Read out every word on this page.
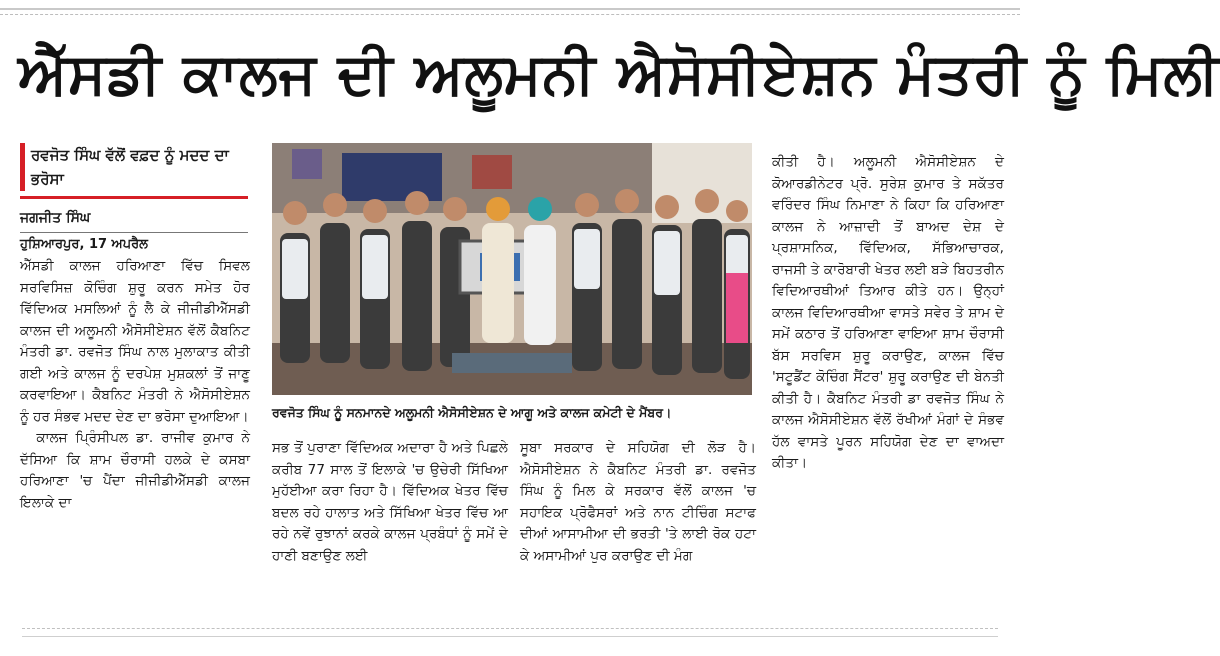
ਐੱਸਡੀ ਕਾਲਜ ਦੀ ਅਲੂਮਨੀ ਐਸੋਸੀਏਸ਼ਨ ਮੰਤਰੀ ਨੂੰ ਮਿਲੀ
ਰਵਜੋਤ ਸਿੰਘ ਵੱਲੋਂ ਵਫ਼ਦ ਨੂੰ ਮਦਦ ਦਾ ਭਰੋਸਾ
ਜਗਜੀਤ ਸਿੰਘ
ਹੁਸ਼ਿਆਰਪੁਰ, 17 ਅਪਰੈਲ

ਐੱਸਡੀ ਕਾਲਜ ਹਰਿਆਣਾ ਵਿੱਚ ਸਿਵਲ ਸਰਵਿਸਿਜ਼ ਕੋਚਿੰਗ ਸ਼ੁਰੂ ਕਰਨ ਸਮੇਤ ਹੋਰ ਵਿੱਦਿਅਕ ਮਸਲਿਆਂ ਨੂੰ ਲੈ ਕੇ ਜੀਜੀਡੀਐੱਸਡੀ ਕਾਲਜ ਦੀ ਅਲੂਮਨੀ ਐਸੋਸੀਏਸ਼ਨ ਵੱਲੋਂ ਕੈਬਨਿਟ ਮੰਤਰੀ ਡਾ. ਰਵਜੋਤ ਸਿੰਘ ਨਾਲ ਮੁਲਾਕਾਤ ਕੀਤੀ ਗਈ ਅਤੇ ਕਾਲਜ ਨੂੰ ਦਰਪੇਸ਼ ਮੁਸ਼ਕਲਾਂ ਤੋਂ ਜਾਣੂ ਕਰਵਾਇਆ। ਕੈਬਨਿਟ ਮੰਤਰੀ ਨੇ ਐਸੋਸੀਏਸ਼ਨ ਨੂੰ ਹਰ ਸੰਭਵ ਮਦਦ ਦੇਣ ਦਾ ਭਰੋਸਾ ਦੁਆਇਆ।

ਕਾਲਜ ਪ੍ਰਿੰਸੀਪਲ ਡਾ. ਰਾਜੀਵ ਕੁਮਾਰ ਨੇ ਦੱਸਿਆ ਕਿ ਸ਼ਾਮ ਚੌਰਾਸੀ ਹਲਕੇ ਦੇ ਕਸਬਾ ਹਰਿਆਣਾ 'ਚ ਪੈਂਦਾ ਜੀਜੀਡੀਐੱਸਡੀ ਕਾਲਜ ਇਲਾਕੇ ਦਾ

ਰਵਜੋਤ ਸਿੰਘ ਨੂੰ ਸਨਮਾਨਦੇ ਅਲੂਮਨੀ ਐਸੋਸੀਏਸ਼ਨ ਦੇ ਆਗੂ ਅਤੇ ਕਾਲਜ ਕਮੇਟੀ ਦੇ ਮੈਂਬਰ।

ਸਭ ਤੋਂ ਪੁਰਾਣਾ ਵਿੱਦਿਅਕ ਅਦਾਰਾ ਹੈ ਅਤੇ ਪਿਛਲੇ ਕਰੀਬ 77 ਸਾਲ ਤੋਂ ਇਲਾਕੇ 'ਚ ਉਚੇਰੀ ਸਿੱਖਿਆ ਮੁਹੱਈਆ ਕਰਾ ਰਿਹਾ ਹੈ। ਵਿੱਦਿਅਕ ਖੇਤਰ ਵਿੱਚ ਬਦਲ ਰਹੇ ਹਾਲਾਤ ਅਤੇ ਸਿੱਖਿਆ ਖੇਤਰ ਵਿੱਚ ਆ ਰਹੇ ਨਵੇਂ ਰੁਝਾਨਾਂ ਕਰਕੇ ਕਾਲਜ ਪ੍ਰਬੰਧਾਂ ਨੂੰ ਸਮੇਂ ਦੇ ਹਾਣੀ ਬਣਾਉਣ ਲਈ

ਸੂਬਾ ਸਰਕਾਰ ਦੇ ਸਹਿਯੋਗ ਦੀ ਲੋੜ ਹੈ। ਐਸੋਸੀਏਸ਼ਨ ਨੇ ਕੈਬਨਿਟ ਮੰਤਰੀ ਡਾ. ਰਵਜੋਤ ਸਿੰਘ ਨੂੰ ਮਿਲ ਕੇ ਸਰਕਾਰ ਵੱਲੋਂ ਕਾਲਜ 'ਚ ਸਹਾਇਕ ਪ੍ਰੋਫੈਸਰਾਂ ਅਤੇ ਨਾਨ ਟੀਚਿੰਗ ਸਟਾਫ ਦੀਆਂ ਆਸਾਮੀਆ ਦੀ ਭਰਤੀ 'ਤੇ ਲਾਈ ਰੋਕ ਹਟਾ ਕੇ ਅਸਾਮੀਆਂ ਪੁਰ ਕਰਾਉਣ ਦੀ ਮੰਗ

ਕੀਤੀ ਹੈ। ਅਲੂਮਨੀ ਐਸੋਸੀਏਸ਼ਨ ਦੇ ਕੋਆਰਡੀਨੇਟਰ ਪ੍ਰੋ. ਸੁਰੇਸ਼ ਕੁਮਾਰ ਤੇ ਸਕੱਤਰ ਵਰਿੰਦਰ ਸਿੰਘ ਨਿਮਾਣਾ ਨੇ ਕਿਹਾ ਕਿ ਹਰਿਆਣਾ ਕਾਲਜ ਨੇ ਆਜ਼ਾਦੀ ਤੋਂ ਬਾਅਦ ਦੇਸ਼ ਦੇ ਪ੍ਰਸ਼ਾਸਨਿਕ, ਵਿੱਦਿਅਕ, ਸੱਭਿਆਚਾਰਕ, ਰਾਜਸੀ ਤੇ ਕਾਰੋਬਾਰੀ ਖੇਤਰ ਲਈ ਬੜੇ ਬਿਹਤਰੀਨ ਵਿਦਿਆਰਥੀਆਂ ਤਿਆਰ ਕੀਤੇ ਹਨ। ਉਨ੍ਹਾਂ ਕਾਲਜ ਵਿਦਿਆਰਥੀਆ ਵਾਸਤੇ ਸਵੇਰ ਤੇ ਸ਼ਾਮ ਦੇ ਸਮੇਂ ਕਠਾਰ ਤੋਂ ਹਰਿਆਣਾ ਵਾਇਆ ਸ਼ਾਮ ਚੌਰਾਸੀ ਬੱਸ ਸਰਵਿਸ ਸ਼ੁਰੂ ਕਰਾਉਣ, ਕਾਲਜ ਵਿੱਚ 'ਸਟੂਡੈਂਟ ਕੋਚਿੰਗ ਸੈਂਟਰ' ਸ਼ੁਰੂ ਕਰਾਉਣ ਦੀ ਬੇਨਤੀ ਕੀਤੀ ਹੈ। ਕੈਬਨਿਟ ਮੰਤਰੀ ਡਾ ਰਵਜੋਤ ਸਿੰਘ ਨੇ ਕਾਲਜ ਐਸੋਸੀਏਸ਼ਨ ਵੱਲੋਂ ਰੱਖੀਆਂ ਮੰਗਾਂ ਦੇ ਸੰਭਵ ਹੱਲ ਵਾਸਤੇ ਪੂਰਨ ਸਹਿਯੋਗ ਦੇਣ ਦਾ ਵਾਅਦਾ ਕੀਤਾ।
